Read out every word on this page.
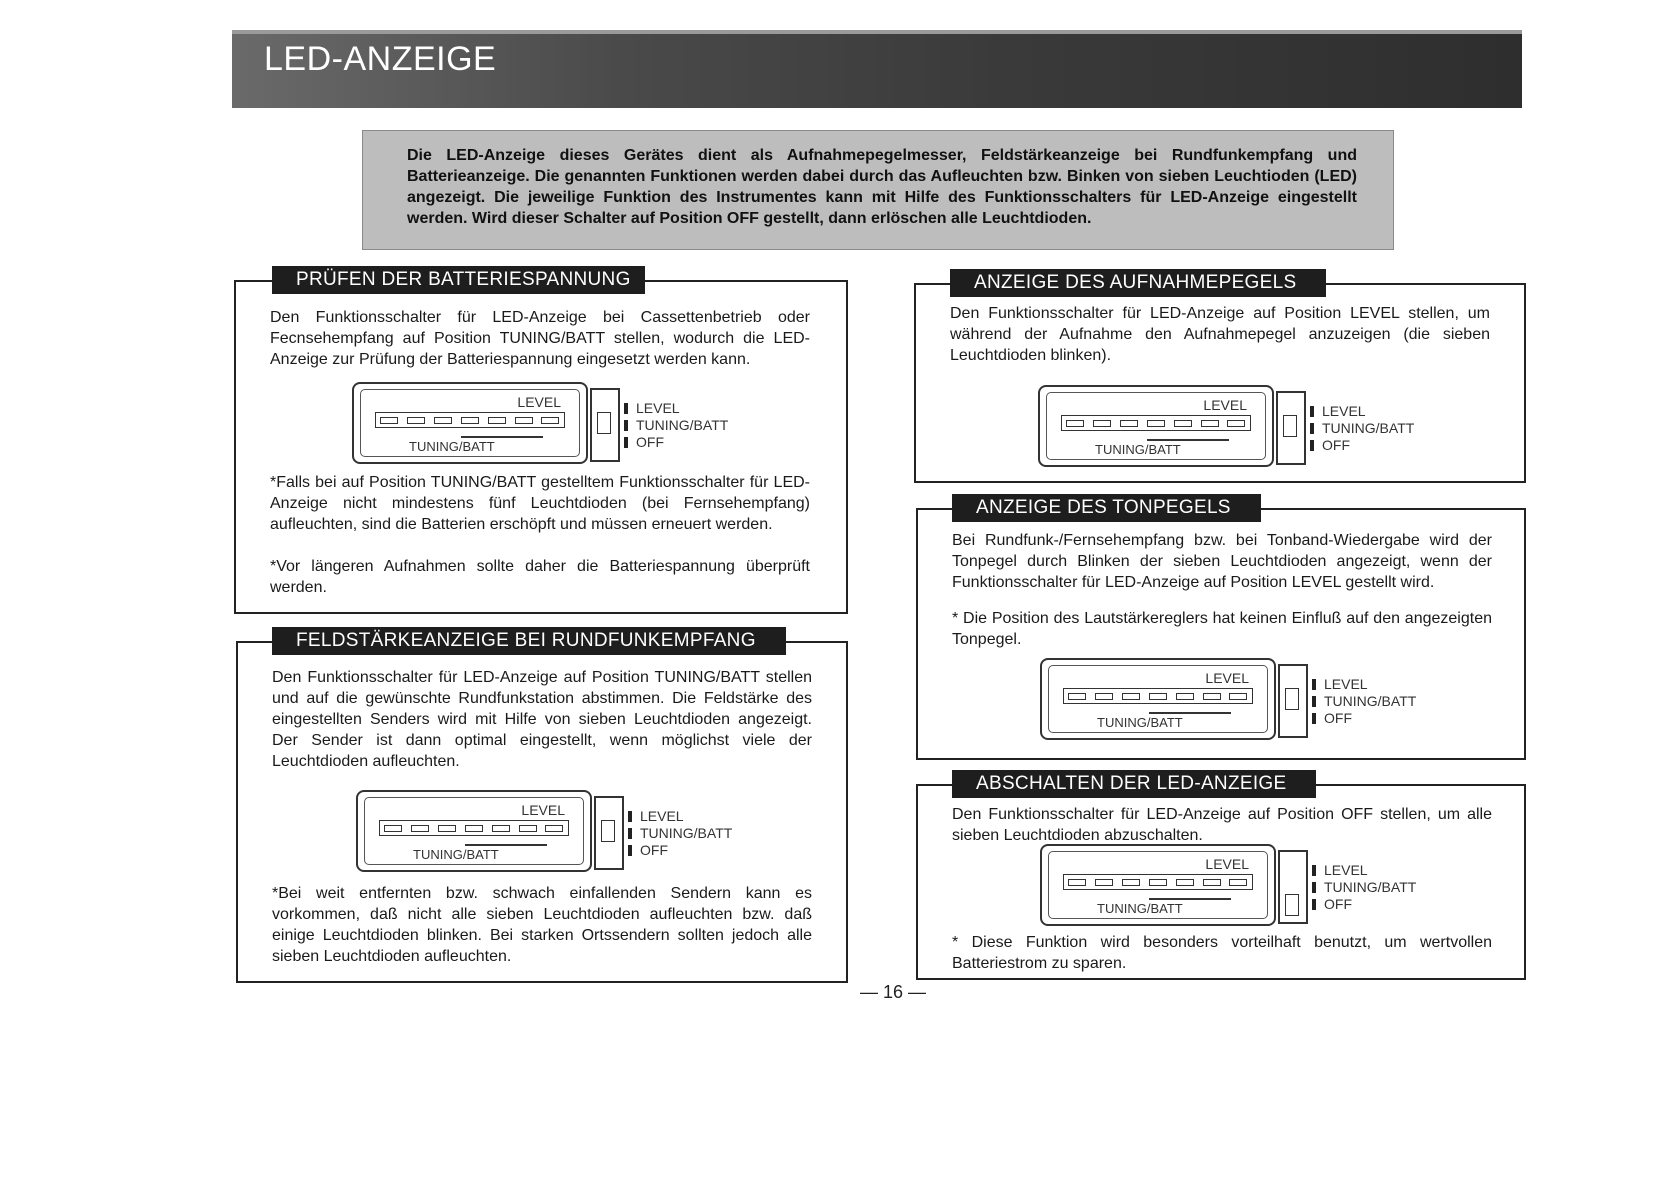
LED-ANZEIGE

Die LED-Anzeige dieses Gerätes dient als Aufnahmepegelmesser, Feldstärkeanzeige bei Rundfunkempfang und Batterieanzeige. Die genannten Funktionen werden dabei durch das Aufleuchten bzw. Binken von sieben Leuchtioden (LED) angezeigt. Die jeweilige Funktion des Instrumentes kann mit Hilfe des Funktionsschalters für LED-Anzeige eingestellt werden. Wird dieser Schalter auf Position OFF gestellt, dann erlöschen alle Leuchtdioden.

PRÜFEN DER BATTERIESPANNUNG
Den Funktionsschalter für LED-Anzeige bei Cassettenbetrieb oder Fecnsehempfang auf Position TUNING/BATT stellen, wodurch die LED-Anzeige zur Prüfung der Batteriespannung eingesetzt werden kann.
LEVEL
TUNING/BATT
LEVEL
TUNING/BATT
OFF
*Falls bei auf Position TUNING/BATT gestelltem Funktionsschalter für LED-Anzeige nicht mindestens fünf Leuchtdioden (bei Fernsehempfang) aufleuchten, sind die Batterien erschöpft und müssen erneuert werden.
*Vor längeren Aufnahmen sollte daher die Batteriespannung überprüft werden.
FELDSTÄRKEANZEIGE BEI RUNDFUNKEMPFANG
Den Funktionsschalter für LED-Anzeige auf Position TUNING/BATT stellen und auf die gewünschte Rundfunkstation abstimmen. Die Feldstärke des eingestellten Senders wird mit Hilfe von sieben Leuchtdioden angezeigt. Der Sender ist dann optimal eingestellt, wenn möglichst viele der Leuchtdioden aufleuchten.
LEVEL
TUNING/BATT
LEVEL
TUNING/BATT
OFF
*Bei weit entfernten bzw. schwach einfallenden Sendern kann es vorkommen, daß nicht alle sieben Leuchtdioden aufleuchten bzw. daß einige Leuchtdioden blinken. Bei starken Ortssendern sollten jedoch alle sieben Leuchtdioden aufleuchten.
ANZEIGE DES AUFNAHMEPEGELS
Den Funktionsschalter für LED-Anzeige auf Position LEVEL stellen, um während der Aufnahme den Aufnahmepegel anzuzeigen (die sieben Leuchtdioden blinken).
LEVEL
TUNING/BATT
LEVEL
TUNING/BATT
OFF
ANZEIGE DES TONPEGELS
Bei Rundfunk-/Fernsehempfang bzw. bei Tonband-Wiedergabe wird der Tonpegel durch Blinken der sieben Leuchtdioden angezeigt, wenn der Funktionsschalter für LED-Anzeige auf Position LEVEL gestellt wird.
* Die Position des Lautstärkereglers hat keinen Einfluß auf den angezeigten Tonpegel.
LEVEL
TUNING/BATT
LEVEL
TUNING/BATT
OFF
ABSCHALTEN DER LED-ANZEIGE
Den Funktionsschalter für LED-Anzeige auf Position OFF stellen, um alle sieben Leuchtdioden abzuschalten.
LEVEL
TUNING/BATT
LEVEL
TUNING/BATT
OFF
* Diese Funktion wird besonders vorteilhaft benutzt, um wertvollen Batteriestrom zu sparen.
— 16 —
